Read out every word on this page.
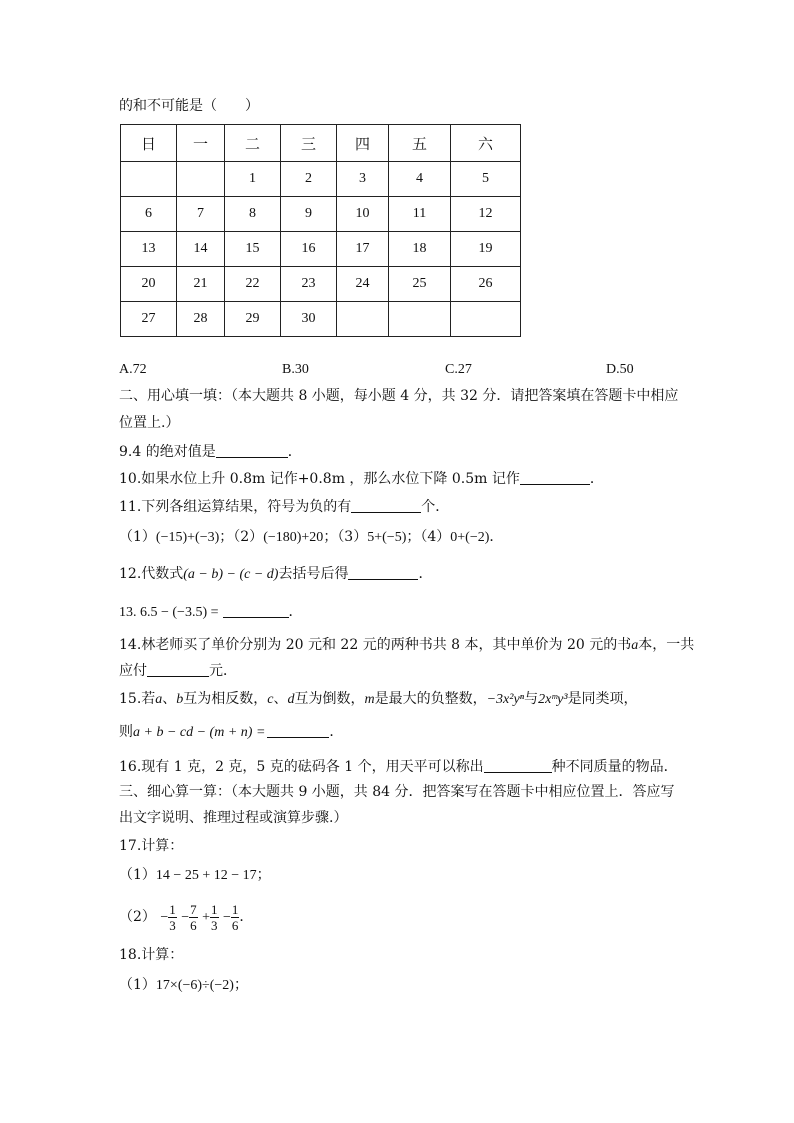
的和不可能是（　　）
日	一	二	三	四	五	六
		1	2	3	4	5
6	7	8	9	10	11	12
13	14	15	16	17	18	19
20	21	22	23	24	25	26
27	28	29	30			
A.72	B.30	C.27	D.50
二、用心填一填：（本大题共 8 小题，每小题 4 分，共 32 分．请把答案填在答题卡中相应
位置上.）
9.4 的绝对值是	．
10.如果水位上升 0.8m 记作+0.8m ，那么水位下降 0.5m 记作	．
11.下列各组运算结果，符号为负的有	个．
（1）(−15)+(−3)；（2）(−180)+20；（3）5+(−5)；（4）0+(−2)．
12.代数式(a − b) − (c − d)去括号后得	．
13. 6.5 − (−3.5) =	．
14.林老师买了单价分别为 20 元和 22 元的两种书共 8 本，其中单价为 20 元的书a本，一共
应付	元．
15.若a、b互为相反数，c、d互为倒数，m是最大的负整数，−3x²yⁿ与2xᵐy³是同类项，
则a + b − cd − (m + n) =	．
16.现有 1 克，2 克，5 克的砝码各 1 个，用天平可以称出	种不同质量的物品．
三、细心算一算：（本大题共 9 小题，共 84 分．把答案写在答题卡中相应位置上．答应写
出文字说明、推理过程或演算步骤.）
17.计算：
（1）14 − 25 + 12 − 17；
$(2) - \frac{1}{3} - \frac{7}{6} + \frac{1}{3} - \frac{1}{6}$ ．
18.计算：
（1）17×(−6)÷(−2)；
